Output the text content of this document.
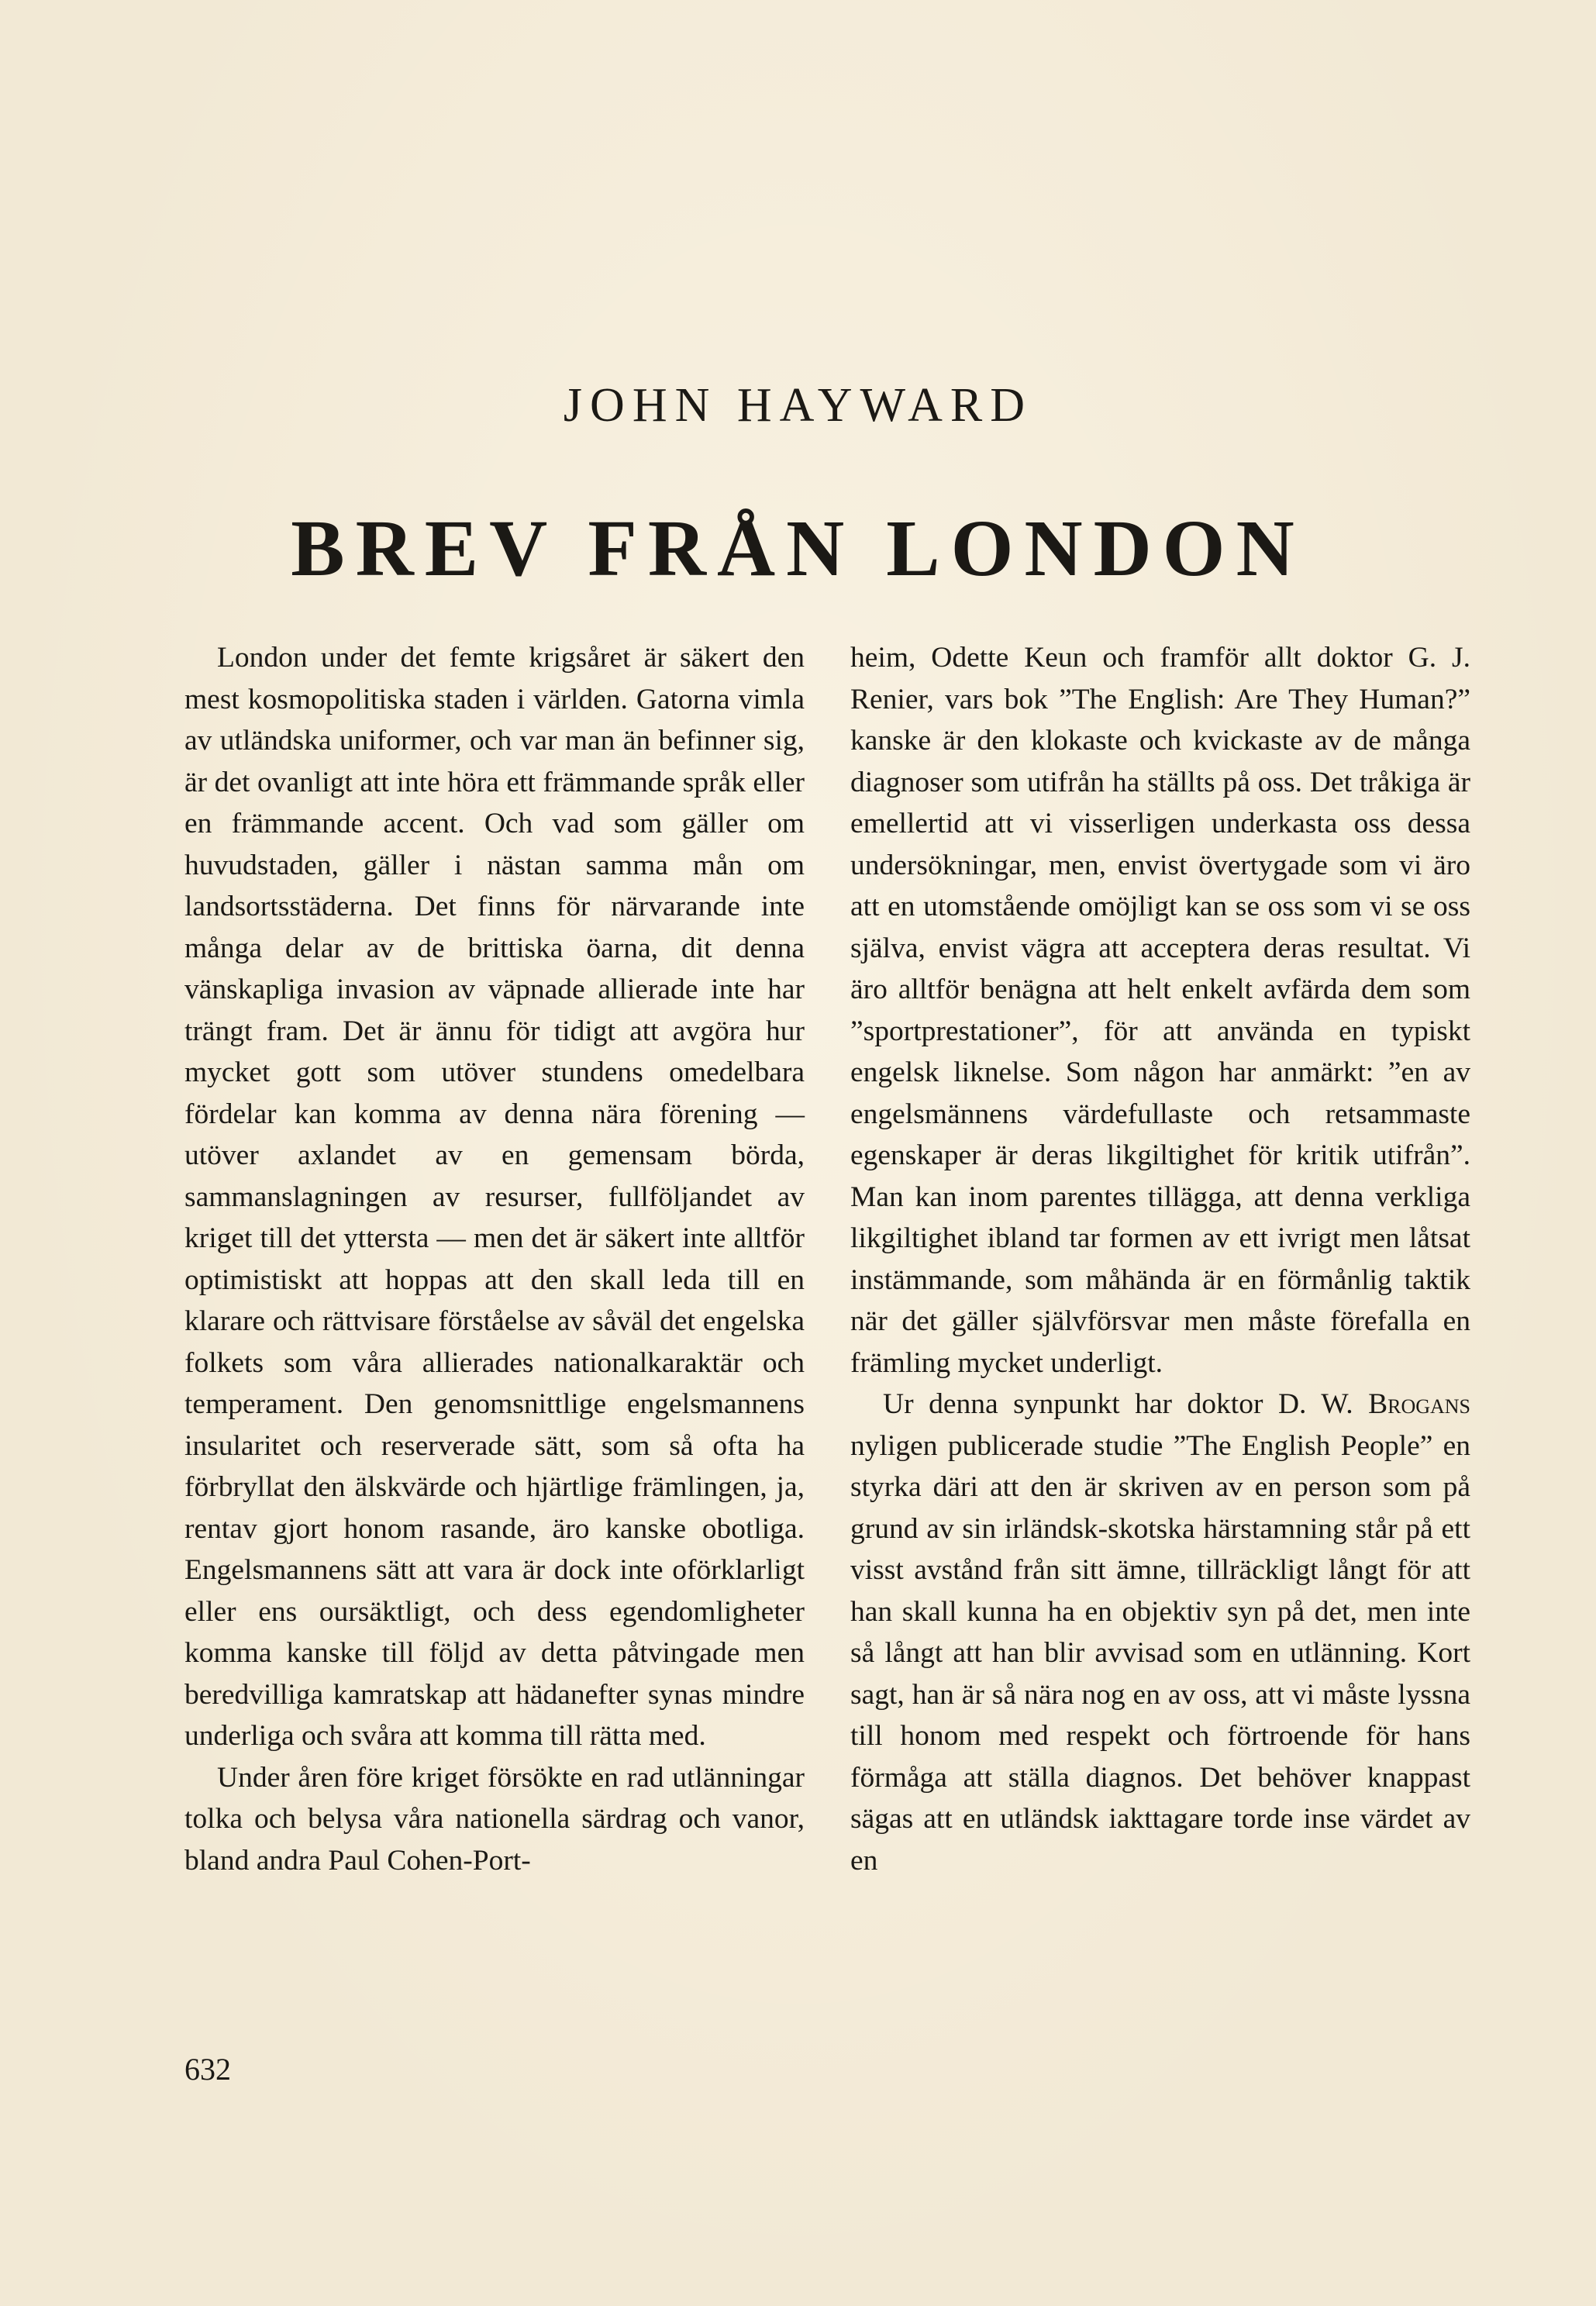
JOHN HAYWARD
BREV FRÅN LONDON

London under det femte krigsåret är säkert den mest kosmopolitiska staden i världen. Gatorna vimla av utländska uniformer, och var man än befinner sig, är det ovanligt att inte höra ett främmande språk eller en främmande accent. Och vad som gäller om huvudstaden, gäller i nästan samma mån om landsortsstäderna. Det finns för närvarande inte många delar av de brittiska öarna, dit denna vänskapliga invasion av väpnade allierade inte har trängt fram. Det är ännu för tidigt att avgöra hur mycket gott som utöver stundens omedelbara fördelar kan komma av denna nära förening — utöver axlandet av en gemensam börda, sammanslagningen av resurser, fullföljandet av kriget till det yttersta — men det är säkert inte alltför optimistiskt att hoppas att den skall leda till en klarare och rättvisare förståelse av såväl det engelska folkets som våra allierades nationalkaraktär och temperament. Den genomsnittlige engelsmannens insularitet och reserverade sätt, som så ofta ha förbryllat den älskvärde och hjärtlige främlingen, ja, rentav gjort honom rasande, äro kanske obotliga. Engelsmannens sätt att vara är dock inte oförklarligt eller ens oursäktligt, och dess egendomligheter komma kanske till följd av detta påtvingade men beredvilliga kamratskap att hädanefter synas mindre underliga och svåra att komma till rätta med.

Under åren före kriget försökte en rad utlänningar tolka och belysa våra nationella särdrag och vanor, bland andra Paul Cohen-Port-

heim, Odette Keun och framför allt doktor G. J. Renier, vars bok ”The English: Are They Human?” kanske är den klokaste och kvickaste av de många diagnoser som utifrån ha ställts på oss. Det tråkiga är emellertid att vi visserligen underkasta oss dessa undersökningar, men, envist övertygade som vi äro att en utomstående omöjligt kan se oss som vi se oss själva, envist vägra att acceptera deras resultat. Vi äro alltför benägna att helt enkelt avfärda dem som ”sportprestationer”, för att använda en typiskt engelsk liknelse. Som någon har anmärkt: ”en av engelsmännens värdefullaste och retsammaste egenskaper är deras likgiltighet för kritik utifrån”. Man kan inom parentes tillägga, att denna verkliga likgiltighet ibland tar formen av ett ivrigt men låtsat instämmande, som måhända är en förmånlig taktik när det gäller självförsvar men måste förefalla en främling mycket underligt.

Ur denna synpunkt har doktor D. W. Brogans nyligen publicerade studie ”The English People” en styrka däri att den är skriven av en person som på grund av sin irländsk-skotska härstamning står på ett visst avstånd från sitt ämne, tillräckligt långt för att han skall kunna ha en objektiv syn på det, men inte så långt att han blir avvisad som en utlänning. Kort sagt, han är så nära nog en av oss, att vi måste lyssna till honom med respekt och förtroende för hans förmåga att ställa diagnos. Det behöver knappast sägas att en utländsk iakttagare torde inse värdet av en

632
